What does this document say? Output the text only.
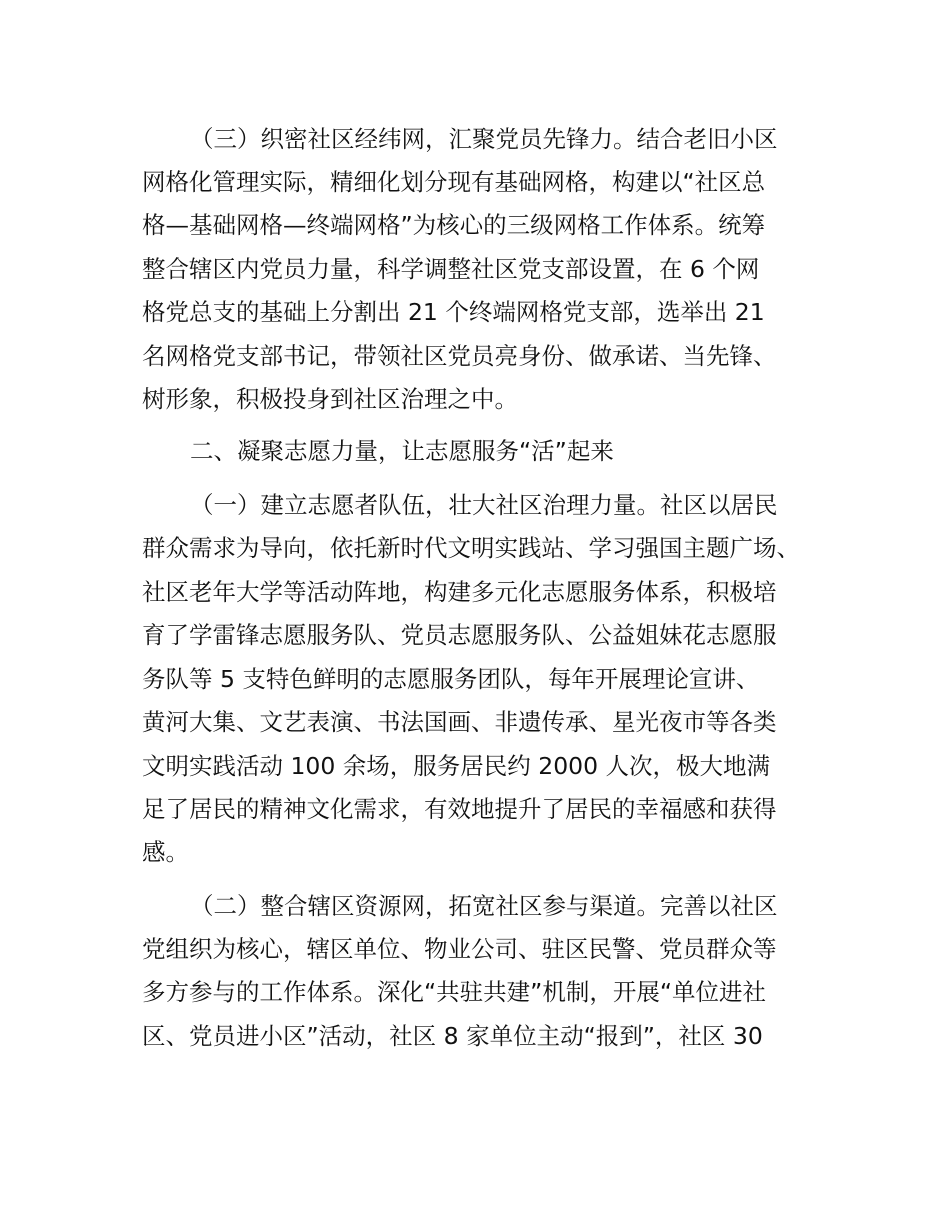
（三）织密社区经纬网，汇聚党员先锋力。结合老旧小区
网格化管理实际，精细化划分现有基础网格，构建以“社区总
格—基础网格—终端网格”为核心的三级网格工作体系。统筹
整合辖区内党员力量，科学调整社区党支部设置，在 6 个网
格党总支的基础上分割出 21 个终端网格党支部，选举出 21
名网格党支部书记，带领社区党员亮身份、做承诺、当先锋、
树形象，积极投身到社区治理之中。
二、凝聚志愿力量，让志愿服务“活”起来
（一）建立志愿者队伍，壮大社区治理力量。社区以居民
群众需求为导向，依托新时代文明实践站、学习强国主题广场、
社区老年大学等活动阵地，构建多元化志愿服务体系，积极培
育了学雷锋志愿服务队、党员志愿服务队、公益姐妹花志愿服
务队等 5 支特色鲜明的志愿服务团队，每年开展理论宣讲、
黄河大集、文艺表演、书法国画、非遗传承、星光夜市等各类
文明实践活动 100 余场，服务居民约 2000 人次，极大地满
足了居民的精神文化需求，有效地提升了居民的幸福感和获得
感。
（二）整合辖区资源网，拓宽社区参与渠道。完善以社区
党组织为核心，辖区单位、物业公司、驻区民警、党员群众等
多方参与的工作体系。深化“共驻共建”机制，开展“单位进社
区、党员进小区”活动，社区 8 家单位主动“报到”，社区 30
